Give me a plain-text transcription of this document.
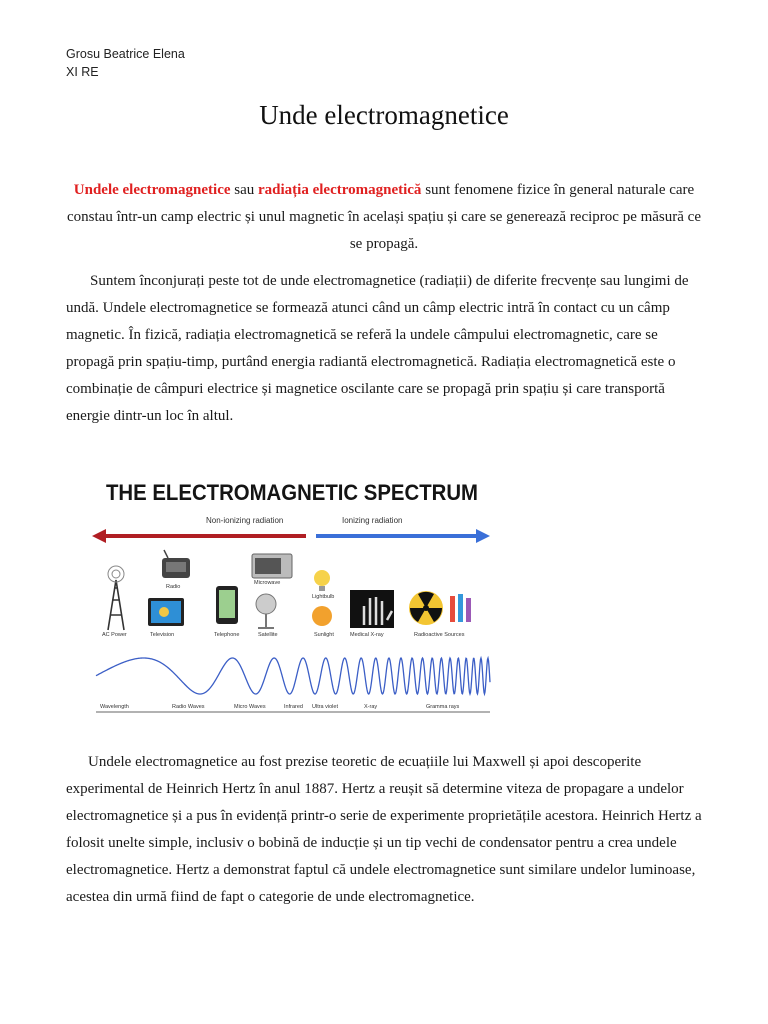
Grosu Beatrice Elena
XI RE
Unde electromagnetice
Undele electromagnetice sau radiația electromagnetică sunt fenomene fizice în general naturale care constau într-un camp electric și unul magnetic în același spațiu și care se generează reciproc pe măsură ce se propagă.
Suntem înconjurați peste tot de unde electromagnetice (radiații) de diferite frecvențe sau lungimi de undă. Undele electromagnetice se formează atunci când un câmp electric intră în contact cu un câmp magnetic. În fizică, radiația electromagnetică se referă la undele câmpului electromagnetic, care se propagă prin spațiu-timp, purtând energia radiantă electromagnetică. Radiația electromagnetică este o combinație de câmpuri electrice și magnetice oscilante care se propagă prin spațiu și care transportă energie dintr-un loc în altul.
THE ELECTROMAGNETIC SPECTRUM
Non-ionizing radiation	Ionizing radiation
AC Power
Radio
Television	Telephone
Microwave
Satellite
Lightbulb
Sunlight	Medical X-ray	Radioactive Sources
Wavelength	Radio Waves	Micro Waves	Infrared Ultra violet	X-ray	Gramma rays
Undele electromagnetice au fost prezise teoretic de ecuațiile lui Maxwell și apoi descoperite experimental de Heinrich Hertz în anul 1887. Hertz a reușit să determine viteza de propagare a undelor electromagnetice și a pus în evidență printr-o serie de experimente proprietățile acestora. Heinrich Hertz a folosit unelte simple, inclusiv o bobină de inducție și un tip vechi de condensator pentru a crea undele electromagnetice. Hertz a demonstrat faptul că undele electromagnetice sunt similare undelor luminoase, acestea din urmă fiind de fapt o categorie de unde electromagnetice.
